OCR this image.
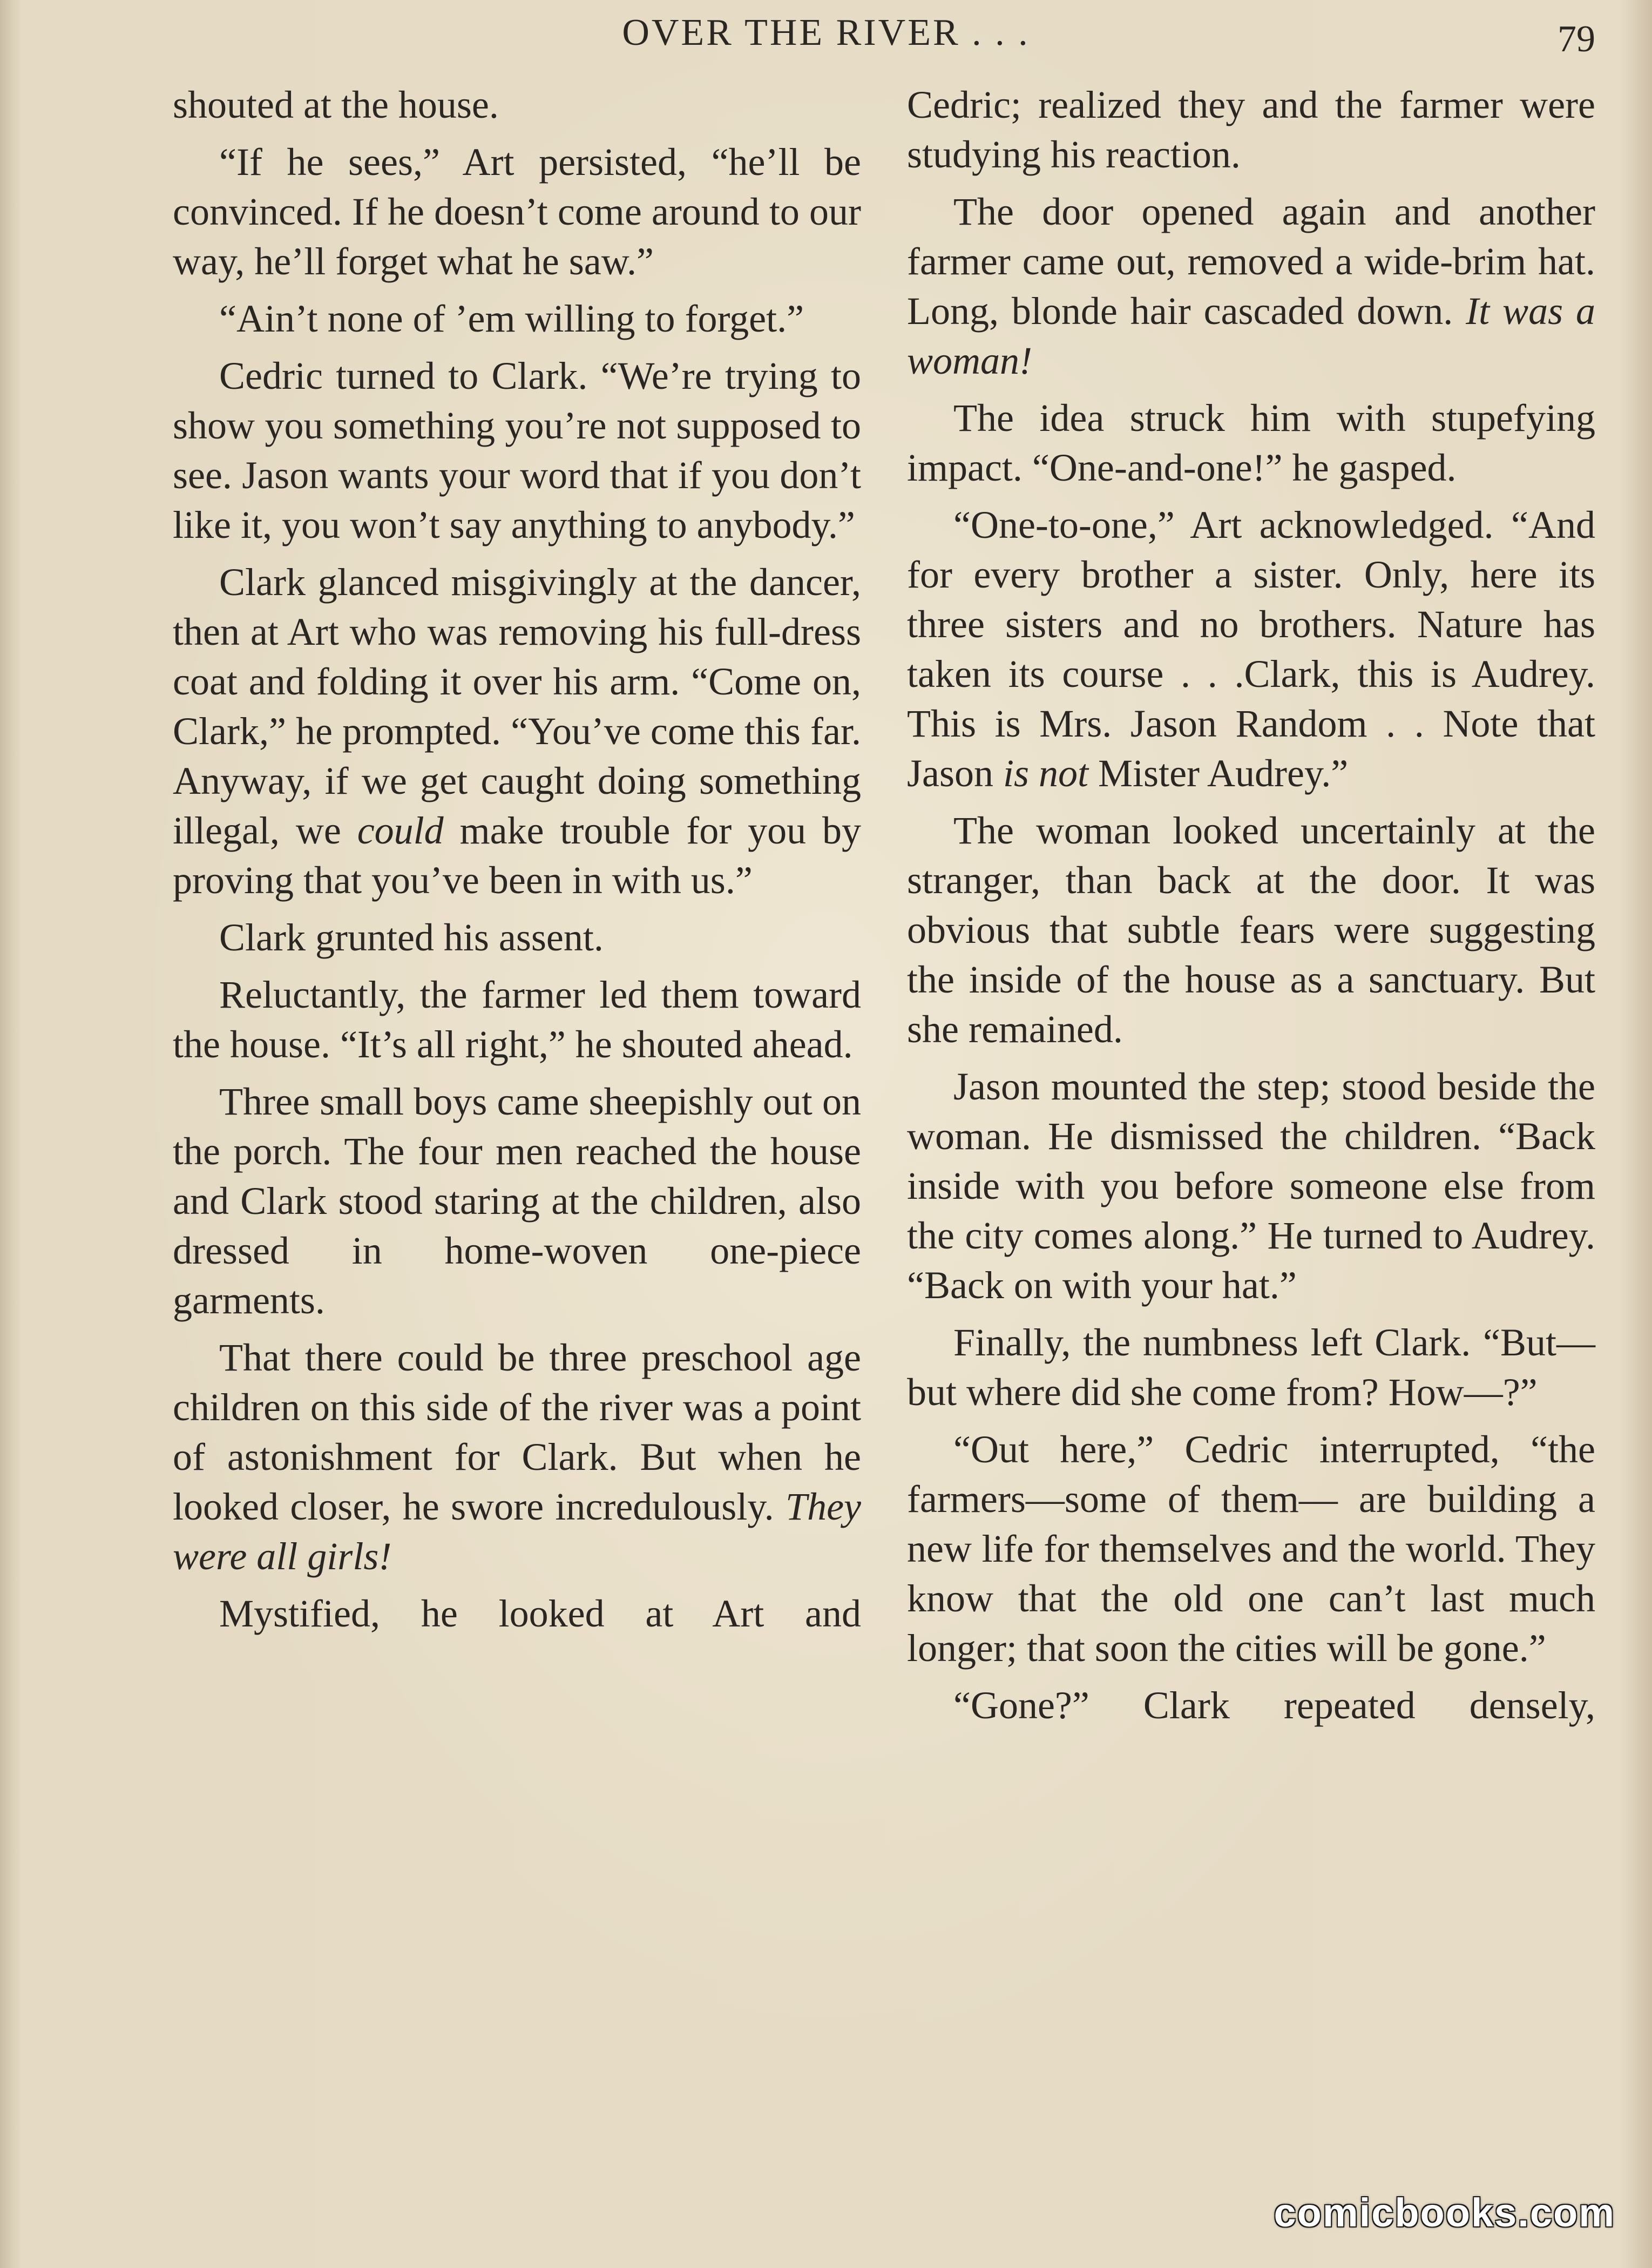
OVER THE RIVER . . .	79

shouted at the house.

“If he sees,” Art persisted, “he’ll be convinced. If he doesn’t come around to our way, he’ll forget what he saw.”

“Ain’t none of ’em willing to forget.”

Cedric turned to Clark. “We’re trying to show you something you’re not supposed to see. Jason wants your word that if you don’t like it, you won’t say anything to anybody.”

Clark glanced misgivingly at the dancer, then at Art who was removing his full-dress coat and folding it over his arm. “Come on, Clark,” he prompted. “You’ve come this far. Anyway, if we get caught doing something illegal, we could make trouble for you by proving that you’ve been in with us.”

Clark grunted his assent.

Reluctantly, the farmer led them toward the house. “It’s all right,” he shouted ahead.

Three small boys came sheepishly out on the porch. The four men reached the house and Clark stood staring at the children, also dressed in home-woven one-piece garments.

That there could be three preschool age children on this side of the river was a point of astonishment for Clark. But when he looked closer, he swore incredulously. They were all girls!

Mystified, he looked at Art and

Cedric; realized they and the farmer were studying his reaction.

The door opened again and another farmer came out, removed a wide-brim hat. Long, blonde hair cascaded down. It was a woman!

The idea struck him with stupefying impact. “One-and-one!” he gasped.

“One-to-one,” Art acknowledged. “And for every brother a sister. Only, here its three sisters and no brothers. Nature has taken its course . . .Clark, this is Audrey. This is Mrs. Jason Random . . Note that Jason is not Mister Audrey.”

The woman looked uncertainly at the stranger, than back at the door. It was obvious that subtle fears were suggesting the inside of the house as a sanctuary. But she remained.

Jason mounted the step; stood beside the woman. He dismissed the children. “Back inside with you before someone else from the city comes along.” He turned to Audrey. “Back on with your hat.”

Finally, the numbness left Clark. “But—but where did she come from? How—?”

“Out here,” Cedric interrupted, “the farmers—some of them— are building a new life for themselves and the world. They know that the old one can’t last much longer; that soon the cities will be gone.”

“Gone?” Clark repeated densely,

comicbooks.com
